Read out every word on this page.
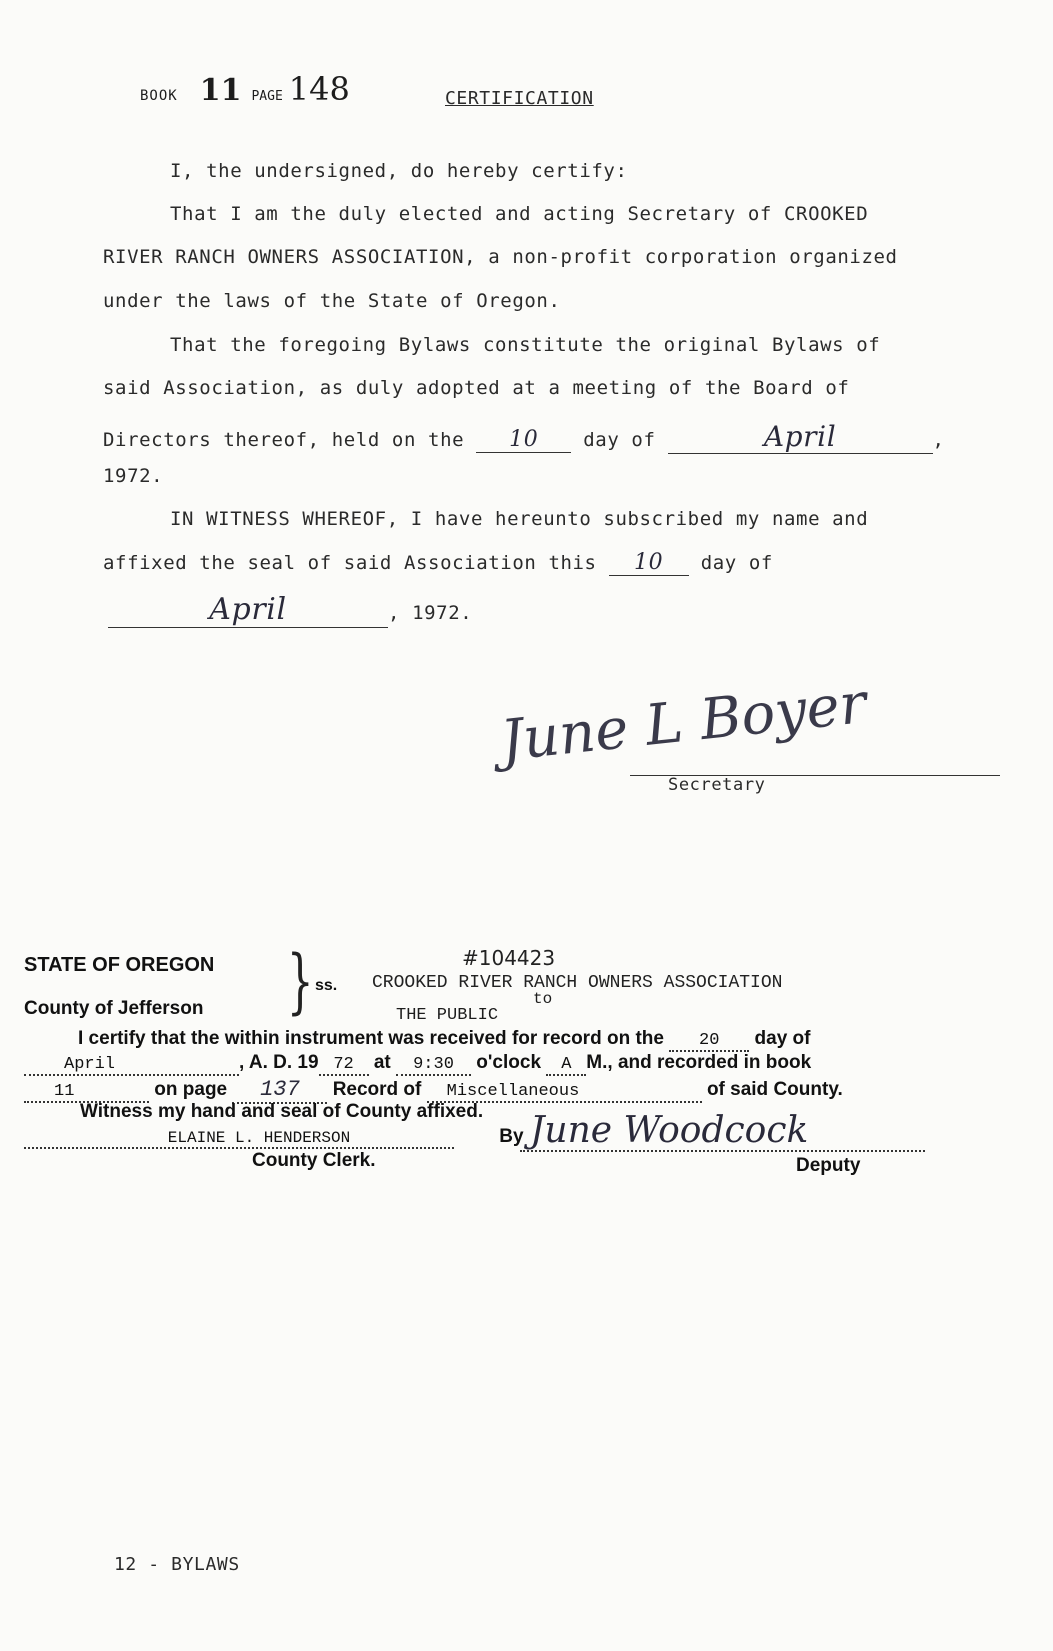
BOOK 11 PAGE 148	CERTIFICATION
I, the undersigned, do hereby certify:
That I am the duly elected and acting Secretary of CROOKED
RIVER RANCH OWNERS ASSOCIATION, a non-profit corporation organized
under the laws of the State of Oregon.
That the foregoing Bylaws constitute the original Bylaws of
said Association, as duly adopted at a meeting of the Board of
Directors thereof, held on the 10 day of	April	,
1972.
IN WITNESS WHEREOF, I have hereunto subscribed my name and
affixed the seal of said Association this 10 day of
April	, 1972.
June L Boyer
Secretary
STATE OF OREGON
County of Jefferson } ss.
#104423
CROOKED RIVER RANCH OWNERS ASSOCIATION
to
THE PUBLIC
I certify that the within instrument was received for record on the 20 day of
April	, A. D. 19 72 at 9:30 o'clock A M., and recorded in book
11	on page 137 Record of Miscellaneous	of said County.
Witness my hand and seal of County affixed.
ELAINE L. HENDERSON	By June Woodcock
County Clerk.	Deputy
12 - BYLAWS
